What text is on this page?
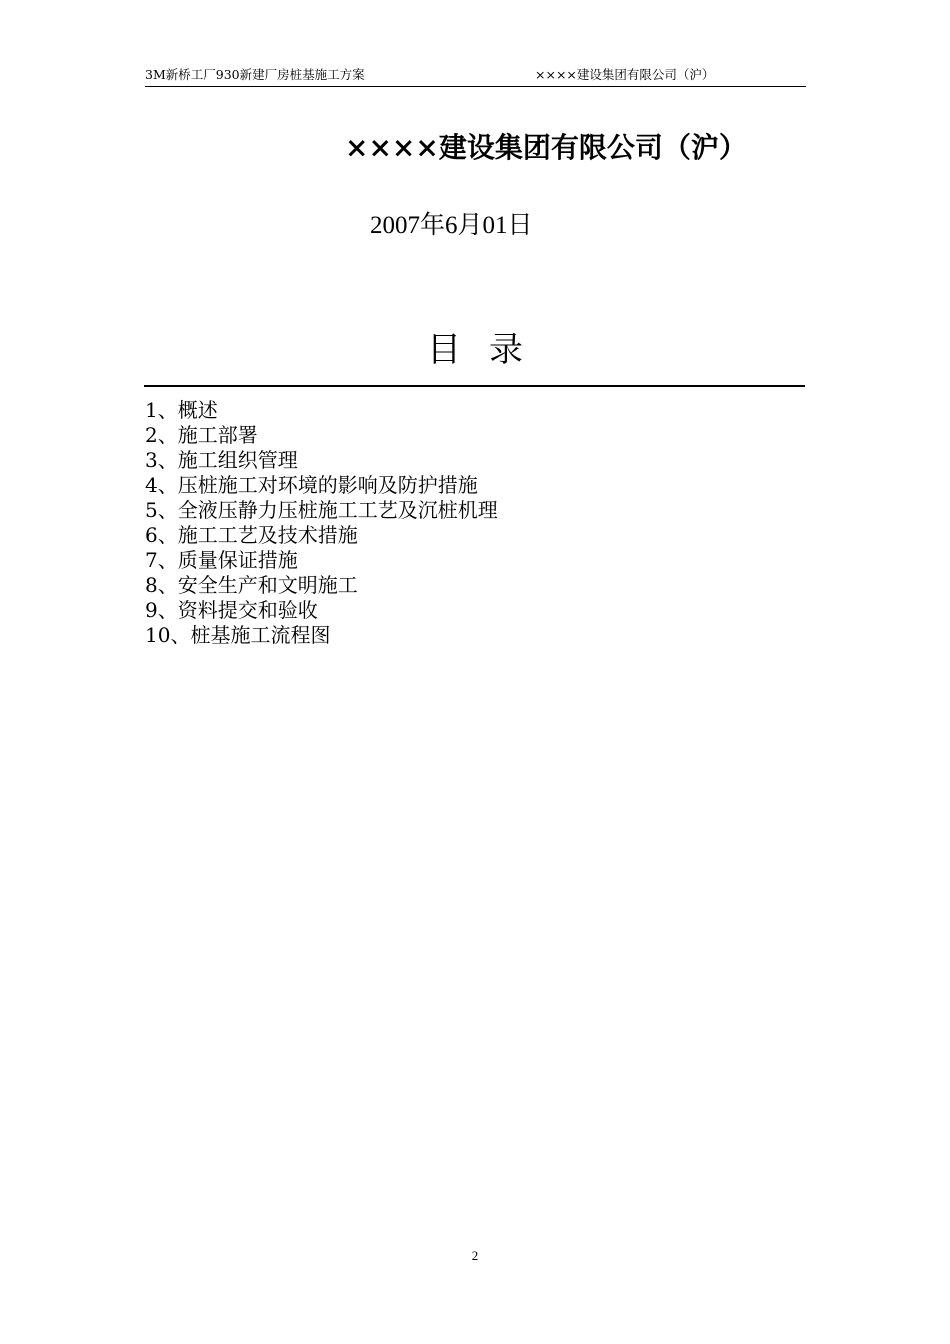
3M新桥工厂930新建厂房桩基施工方案	××××建设集团有限公司（沪）
××××建设集团有限公司（沪）
2007年6月01日
目录
1、概述
2、施工部署
3、施工组织管理
4、压桩施工对环境的影响及防护措施
5、全液压静力压桩施工工艺及沉桩机理
6、施工工艺及技术措施
7、质量保证措施
8、安全生产和文明施工
9、资料提交和验收
10、桩基施工流程图
2
